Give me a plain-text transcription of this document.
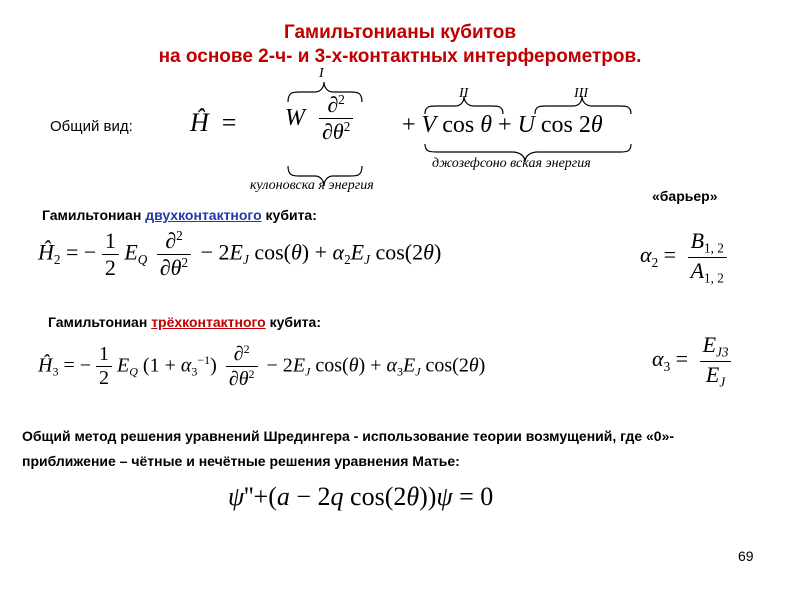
Гамильтонианы кубитов
на основе 2-ч- и 3-х-контактных интерферометров.
Общий вид: Ĥ  = W $\frac{\partial^2}{\partial\theta^2} + V$ cos θ + U cos 2θ
I
II	III
кулоновска я энергия
джозефсоно вская энергия
«барьер»
Гамильтониан двухконтактного кубита:
$Ĥ_2$ = − $\frac{1}{2} E_Q \frac{\partial^2}{\partial\theta^2} - 2E_J$ $\cos(\theta) + \alpha_2E_J$ cos(2θ)	$\alpha_2 = \frac{B_{1, 2}}{A_{1, 2}}$
Гамильтониан трёхконтактного кубита:
$Ĥ_3$ = − $\frac{1}{2} E_Q$ $(1 + \alpha_3^{-1}) \frac{\partial^2}{\partial\theta^2} - 2E_J$ $\cos(\theta) + \alpha_3E_J$ cos(2θ)	$\alpha_3 = \frac{E_{J3}}{E_J}$
Общий метод решения уравнений Шредингера - использование теории возмущений, где «0»-
приближение – чётные и нечётные решения уравнения Матье:
ψ''+(a − 2q cos(2θ))ψ = 0
69
